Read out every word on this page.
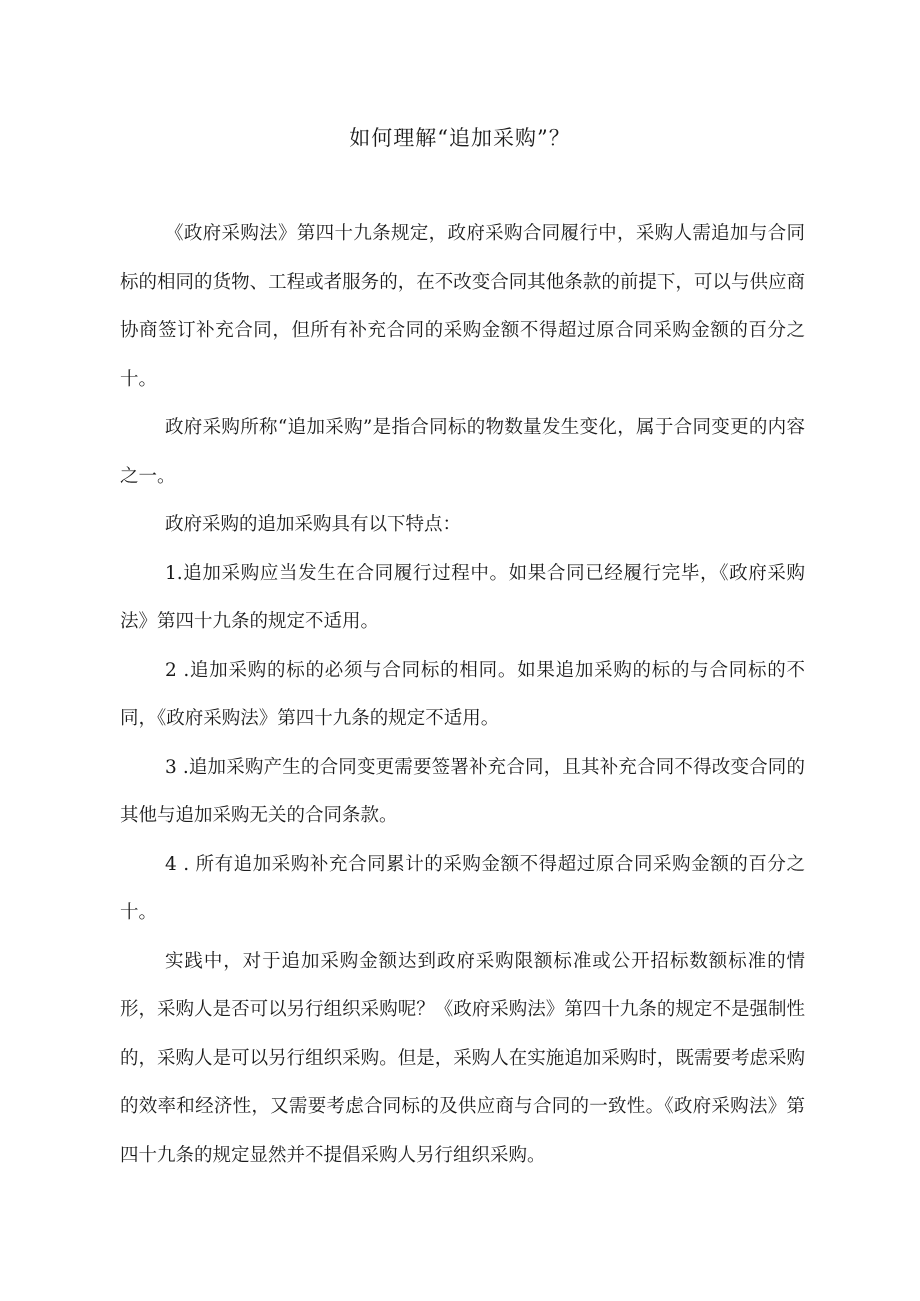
如何理解“追加采购”？

《政府采购法》第四十九条规定，政府采购合同履行中，采购人需追加与合同标的相同的货物、工程或者服务的，在不改变合同其他条款的前提下，可以与供应商协商签订补充合同，但所有补充合同的采购金额不得超过原合同采购金额的百分之十。

政府采购所称“追加采购”是指合同标的物数量发生变化，属于合同变更的内容之一。

政府采购的追加采购具有以下特点：

1.追加采购应当发生在合同履行过程中。如果合同已经履行完毕，《政府采购法》第四十九条的规定不适用。

2 .追加采购的标的必须与合同标的相同。如果追加采购的标的与合同标的不同，《政府采购法》第四十九条的规定不适用。

3 .追加采购产生的合同变更需要签署补充合同，且其补充合同不得改变合同的其他与追加采购无关的合同条款。

4 . 所有追加采购补充合同累计的采购金额不得超过原合同采购金额的百分之十。

实践中，对于追加采购金额达到政府采购限额标准或公开招标数额标准的情形，采购人是否可以另行组织采购呢？《政府采购法》第四十九条的规定不是强制性的，采购人是可以另行组织采购。但是，采购人在实施追加采购时，既需要考虑采购的效率和经济性，又需要考虑合同标的及供应商与合同的一致性。《政府采购法》第四十九条的规定显然并不提倡采购人另行组织采购。
